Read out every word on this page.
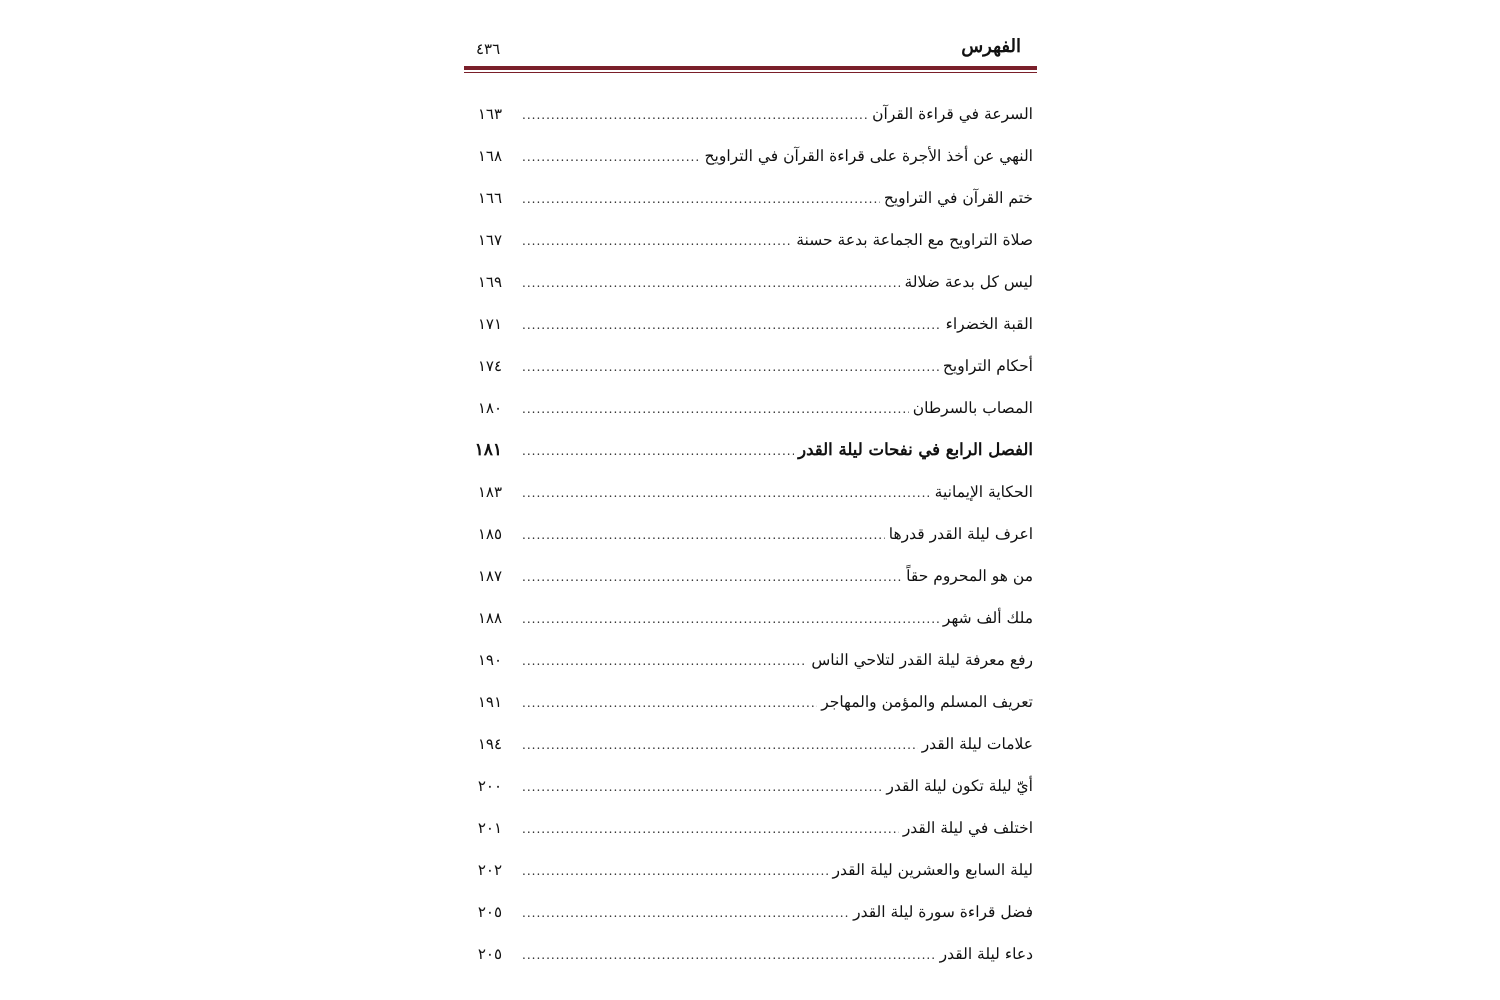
الفهرس
٤٣٦
السرعة في قراءة القرآن
.....
١٦٣
النهي عن أخذ الأجرة على قراءة القرآن في التراويح
.....
١٦٨
ختم القرآن في التراويح
.....
١٦٦
صلاة التراويح مع الجماعة بدعة حسنة
.....
١٦٧
ليس كل بدعة ضلالة
.....
١٦٩
القبة الخضراء
.....
١٧١
أحكام التراويح
.....
١٧٤
المصاب بالسرطان
.....
١٨٠
الفصل الرابع في نفحات ليلة القدر
.....
١٨١
الحكاية الإيمانية
.....
١٨٣
اعرف ليلة القدر قدرها
.....
١٨٥
من هو المحروم حقاً
.....
١٨٧
ملك ألف شهر
.....
١٨٨
رفع معرفة ليلة القدر لتلاحي الناس
.....
١٩٠
تعريف المسلم والمؤمن والمهاجر
.....
١٩١
علامات ليلة القدر
.....
١٩٤
أيّ ليلة تكون ليلة القدر
.....
٢٠٠
اختلف في ليلة القدر
.....
٢٠١
ليلة السابع والعشرين ليلة القدر
.....
٢٠٢
فضل قراءة سورة ليلة القدر
.....
٢٠٥
دعاء ليلة القدر
.....
٢٠٥
